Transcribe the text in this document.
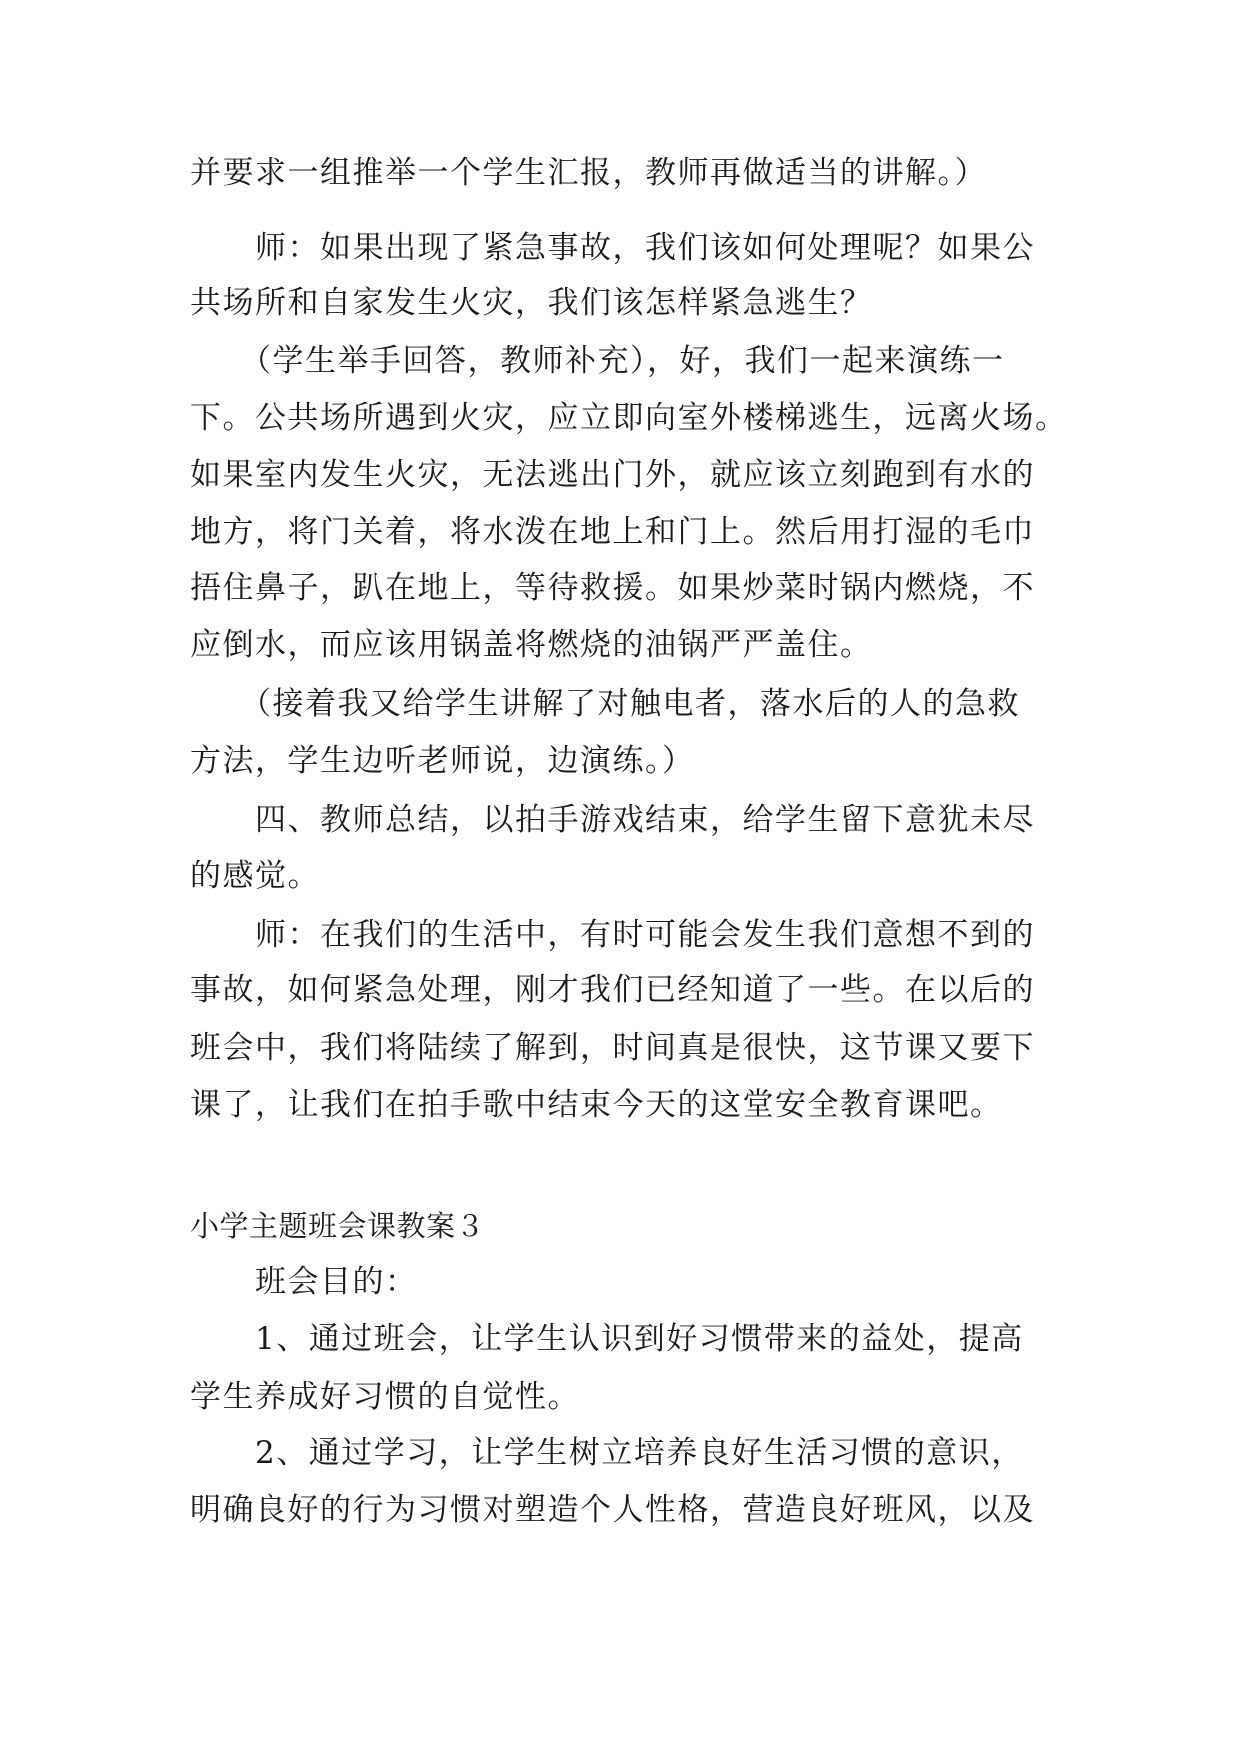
并要求一组推举一个学生汇报，教师再做适当的讲解。）
师：如果出现了紧急事故，我们该如何处理呢？如果公
共场所和自家发生火灾，我们该怎样紧急逃生？
（学生举手回答，教师补充），好，我们一起来演练一
下。公共场所遇到火灾，应立即向室外楼梯逃生，远离火场。
如果室内发生火灾，无法逃出门外，就应该立刻跑到有水的
地方，将门关着，将水泼在地上和门上。然后用打湿的毛巾
捂住鼻子，趴在地上，等待救援。如果炒菜时锅内燃烧，不
应倒水，而应该用锅盖将燃烧的油锅严严盖住。
（接着我又给学生讲解了对触电者，落水后的人的急救
方法，学生边听老师说，边演练。）
四、教师总结，以拍手游戏结束，给学生留下意犹未尽
的感觉。
师：在我们的生活中，有时可能会发生我们意想不到的
事故，如何紧急处理，刚才我们已经知道了一些。在以后的
班会中，我们将陆续了解到，时间真是很快，这节课又要下
课了，让我们在拍手歌中结束今天的这堂安全教育课吧。
小学主题班会课教案３
班会目的：
1、通过班会，让学生认识到好习惯带来的益处，提高
学生养成好习惯的自觉性。
2、通过学习，让学生树立培养良好生活习惯的意识，
明确良好的行为习惯对塑造个人性格，营造良好班风，以及
